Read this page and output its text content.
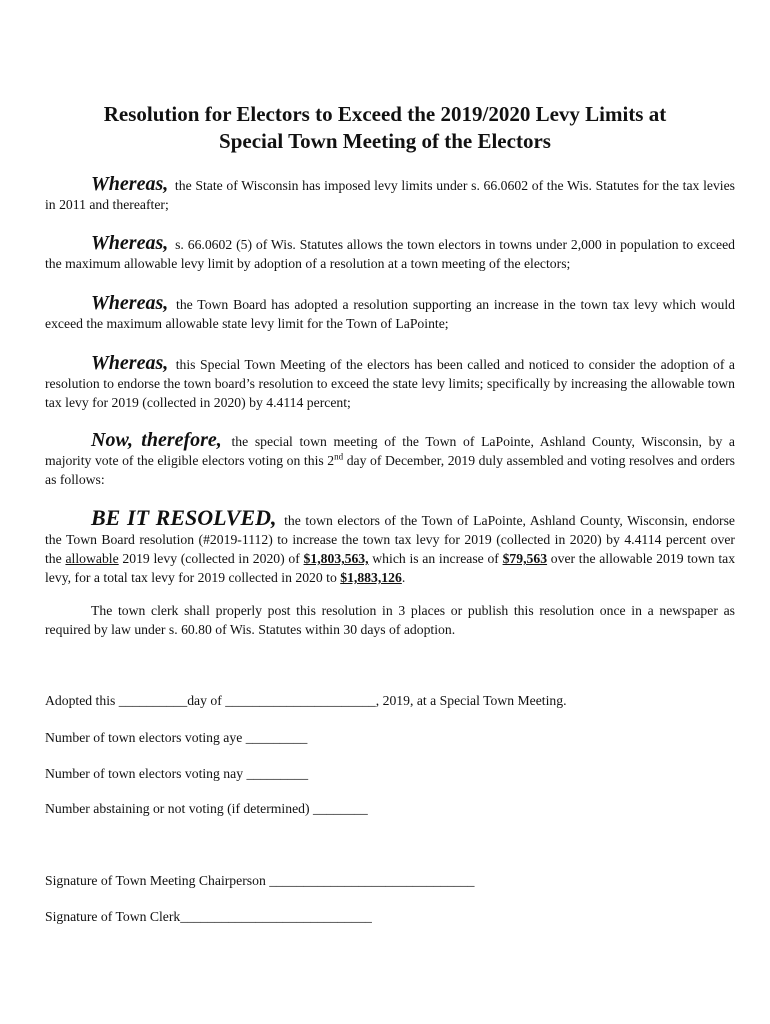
Resolution for Electors to Exceed the 2019/2020 Levy Limits at
Special Town Meeting of the Electors
Whereas, the State of Wisconsin has imposed levy limits under s. 66.0602 of the Wis. Statutes for the tax levies in 2011 and thereafter;
Whereas, s. 66.0602 (5) of Wis. Statutes allows the town electors in towns under 2,000 in population to exceed the maximum allowable levy limit by adoption of a resolution at a town meeting of the electors;
Whereas, the Town Board has adopted a resolution supporting an increase in the town tax levy which would exceed the maximum allowable state levy limit for the Town of LaPointe;
Whereas, this Special Town Meeting of the electors has been called and noticed to consider the adoption of a resolution to endorse the town board’s resolution to exceed the state levy limits; specifically by increasing the allowable town tax levy for 2019 (collected in 2020) by 4.4114 percent;
Now, therefore, the special town meeting of the Town of LaPointe, Ashland County, Wisconsin, by a majority vote of the eligible electors voting on this 2nd day of December, 2019 duly assembled and voting resolves and orders as follows:
BE IT RESOLVED, the town electors of the Town of LaPointe, Ashland County, Wisconsin, endorse the Town Board resolution (#2019-1112) to increase the town tax levy for 2019 (collected in 2020) by 4.4114 percent over the allowable 2019 levy (collected in 2020) of $1,803,563, which is an increase of $79,563 over the allowable 2019 town tax levy, for a total tax levy for 2019 collected in 2020 to $1,883,126.
The town clerk shall properly post this resolution in 3 places or publish this resolution once in a newspaper as required by law under s. 60.80 of Wis. Statutes within 30 days of adoption.
Adopted this __________day of ______________________, 2019, at a Special Town Meeting.
Number of town electors voting aye _________
Number of town electors voting nay _________
Number abstaining or not voting (if determined) ________
Signature of Town Meeting Chairperson ______________________________
Signature of Town Clerk____________________________
